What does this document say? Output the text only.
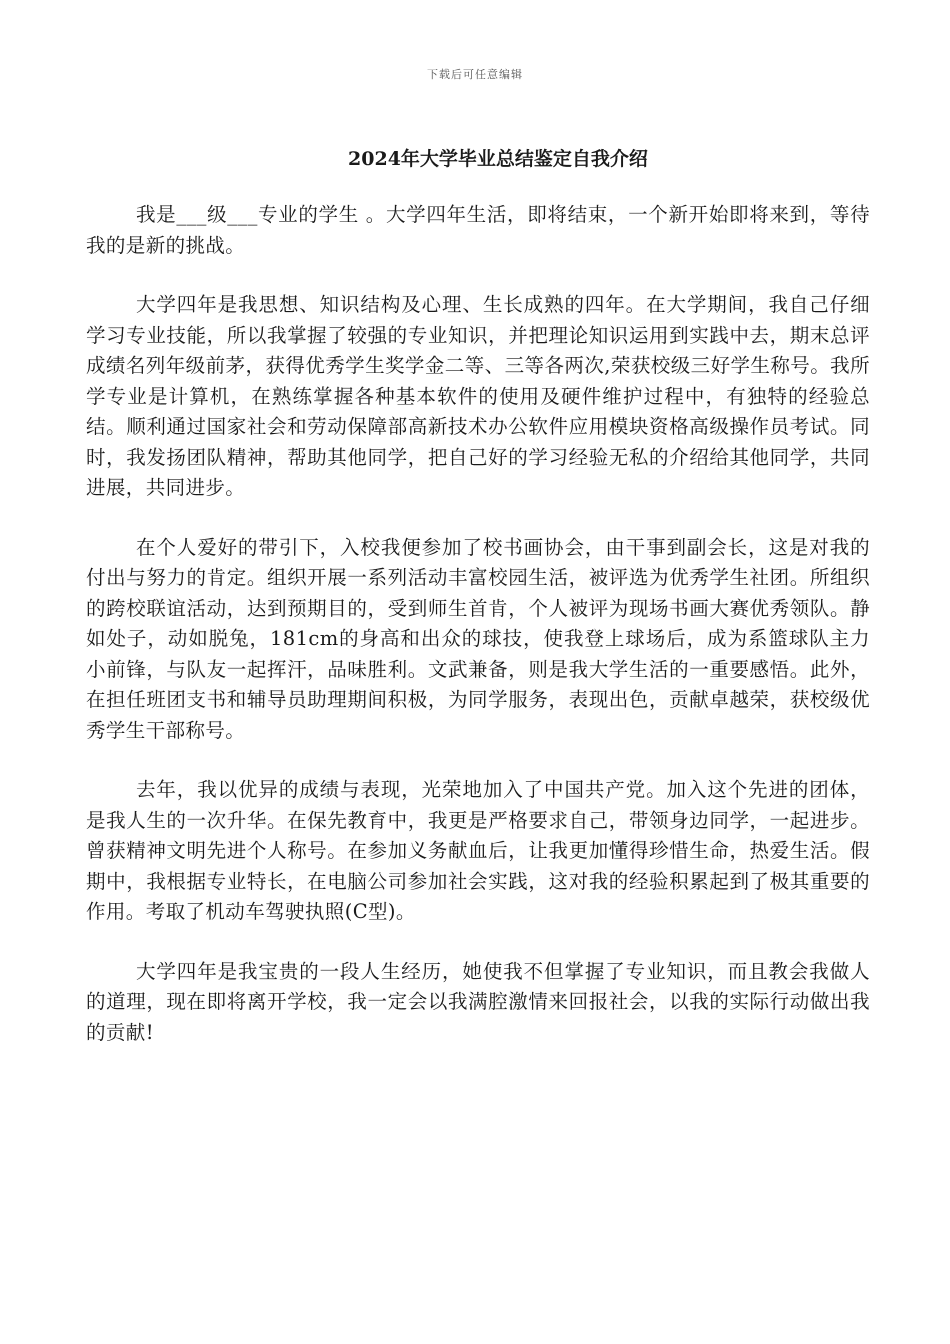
下载后可任意编辑
2024年大学毕业总结鉴定自我介绍

我是___级___专业的学生 。大学四年生活，即将结束，一个新开始即将来到，等待我的是新的挑战。

大学四年是我思想、知识结构及心理、生长成熟的四年。在大学期间，我自己仔细学习专业技能，所以我掌握了较强的专业知识，并把理论知识运用到实践中去，期末总评成绩名列年级前茅，获得优秀学生奖学金二等、三等各两次,荣获校级三好学生称号。我所学专业是计算机，在熟练掌握各种基本软件的使用及硬件维护过程中，有独特的经验总结。顺利通过国家社会和劳动保障部高新技术办公软件应用模块资格高级操作员考试。同时，我发扬团队精神，帮助其他同学，把自己好的学习经验无私的介绍给其他同学，共同进展，共同进步。

在个人爱好的带引下，入校我便参加了校书画协会，由干事到副会长，这是对我的付出与努力的肯定。组织开展一系列活动丰富校园生活，被评选为优秀学生社团。所组织的跨校联谊活动，达到预期目的，受到师生首肯，个人被评为现场书画大赛优秀领队。静如处子，动如脱兔，181cm的身高和出众的球技，使我登上球场后，成为系篮球队主力小前锋，与队友一起挥汗，品味胜利。文武兼备，则是我大学生活的一重要感悟。此外，在担任班团支书和辅导员助理期间积极，为同学服务，表现出色，贡献卓越荣，获校级优秀学生干部称号。

去年，我以优异的成绩与表现，光荣地加入了中国共产党。加入这个先进的团体，是我人生的一次升华。在保先教育中，我更是严格要求自己，带领身边同学，一起进步。曾获精神文明先进个人称号。在参加义务献血后，让我更加懂得珍惜生命，热爱生活。假期中，我根据专业特长，在电脑公司参加社会实践，这对我的经验积累起到了极其重要的作用。考取了机动车驾驶执照(C型)。

大学四年是我宝贵的一段人生经历，她使我不但掌握了专业知识，而且教会我做人的道理，现在即将离开学校，我一定会以我满腔激情来回报社会，以我的实际行动做出我的贡献!
